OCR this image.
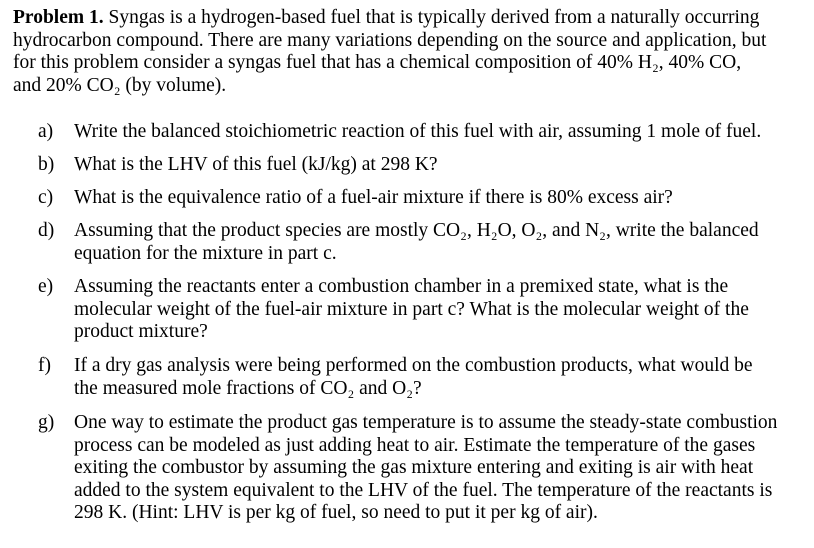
Problem 1. Syngas is a hydrogen-based fuel that is typically derived from a naturally occurring
hydrocarbon compound. There are many variations depending on the source and application, but
for this problem consider a syngas fuel that has a chemical composition of 40% H₂, 40% CO,
and 20% CO₂ (by volume).
a) Write the balanced stoichiometric reaction of this fuel with air, assuming 1 mole of fuel.
b) What is the LHV of this fuel (kJ/kg) at 298 K?
c) What is the equivalence ratio of a fuel-air mixture if there is 80% excess air?
d) Assuming that the product species are mostly CO₂, H₂O, O₂, and N₂, write the balanced
equation for the mixture in part c.
e) Assuming the reactants enter a combustion chamber in a premixed state, what is the
molecular weight of the fuel-air mixture in part c? What is the molecular weight of the
product mixture?
f) If a dry gas analysis were being performed on the combustion products, what would be
the measured mole fractions of CO₂ and O₂?
g) One way to estimate the product gas temperature is to assume the steady-state combustion
process can be modeled as just adding heat to air. Estimate the temperature of the gases
exiting the combustor by assuming the gas mixture entering and exiting is air with heat
added to the system equivalent to the LHV of the fuel. The temperature of the reactants is
298 K. (Hint: LHV is per kg of fuel, so need to put it per kg of air).
